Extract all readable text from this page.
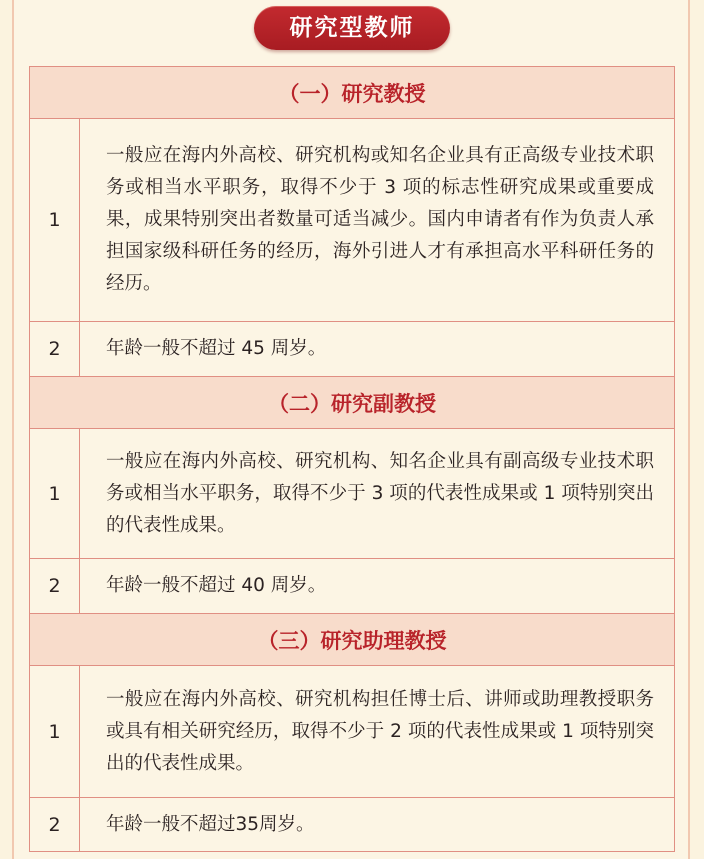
研究型教师
（一）研究教授	
1	一般应在海内外高校、研究机构或知名企业具有正高级专业技术职务或相当水平职务，取得不少于 3 项的标志性研究成果或重要成果，成果特别突出者数量可适当减少。国内申请者有作为负责人承担国家级科研任务的经历，海外引进人才有承担高水平科研任务的经历。
2	年龄一般不超过 45 周岁。
（二）研究副教授	
1	一般应在海内外高校、研究机构、知名企业具有副高级专业技术职务或相当水平职务，取得不少于 3 项的代表性成果或 1 项特别突出的代表性成果。
2	年龄一般不超过 40 周岁。
（三）研究助理教授	
1	一般应在海内外高校、研究机构担任博士后、讲师或助理教授职务或具有相关研究经历，取得不少于 2 项的代表性成果或 1 项特别突出的代表性成果。
2	年龄一般不超过35周岁。
